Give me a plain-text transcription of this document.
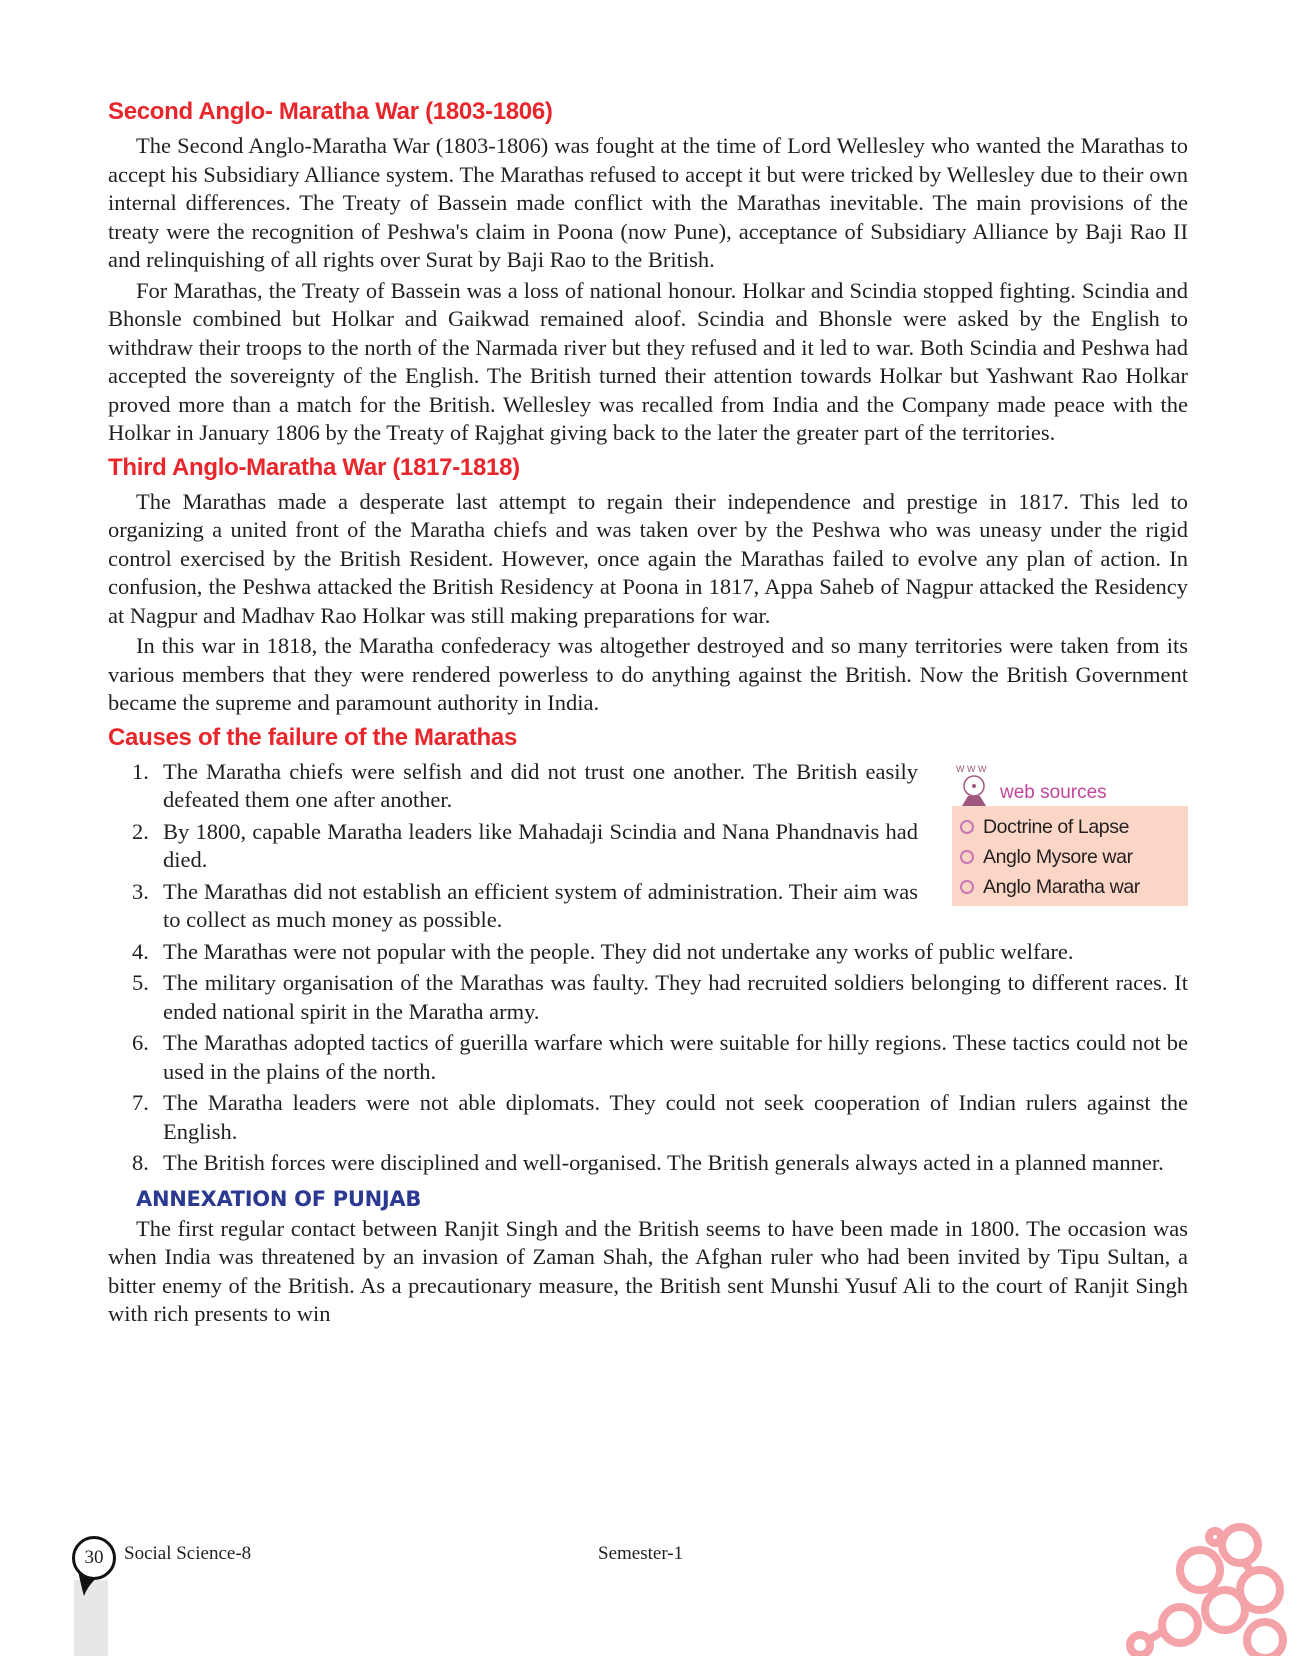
Second Anglo- Maratha War (1803-1806)

The Second Anglo-Maratha War (1803-1806) was fought at the time of Lord Wellesley who wanted the Marathas to accept his Subsidiary Alliance system. The Marathas refused to accept it but were tricked by Wellesley due to their own internal differences. The Treaty of Bassein made conflict with the Marathas inevitable. The main provisions of the treaty were the recognition of Peshwa's claim in Poona (now Pune), acceptance of Subsidiary Alliance by Baji Rao II and relinquishing of all rights over Surat by Baji Rao to the British.

For Marathas, the Treaty of Bassein was a loss of national honour. Holkar and Scindia stopped fighting. Scindia and Bhonsle combined but Holkar and Gaikwad remained aloof. Scindia and Bhonsle were asked by the English to withdraw their troops to the north of the Narmada river but they refused and it led to war. Both Scindia and Peshwa had accepted the sovereignty of the English. The British turned their attention towards Holkar but Yashwant Rao Holkar proved more than a match for the British. Wellesley was recalled from India and the Company made peace with the Holkar in January 1806 by the Treaty of Rajghat giving back to the later the greater part of the territories.

Third Anglo-Maratha War (1817-1818)

The Marathas made a desperate last attempt to regain their independence and prestige in 1817. This led to organizing a united front of the Maratha chiefs and was taken over by the Peshwa who was uneasy under the rigid control exercised by the British Resident. However, once again the Marathas failed to evolve any plan of action. In confusion, the Peshwa attacked the British Residency at Poona in 1817, Appa Saheb of Nagpur attacked the Residency at Nagpur and Madhav Rao Holkar was still making preparations for war.

In this war in 1818, the Maratha confederacy was altogether destroyed and so many territories were taken from its various members that they were rendered powerless to do anything against the British. Now the British Government became the supreme and paramount authority in India.

Causes of the failure of the Marathas
W W W
web sources
Doctrine of Lapse
Anglo Mysore war
Anglo Maratha war
1. The Maratha chiefs were selfish and did not trust one another. The British easily defeated them one after another.
2. By 1800, capable Maratha leaders like Mahadaji Scindia and Nana Phandnavis had died.
3. The Marathas did not establish an efficient system of administration. Their aim was to collect as much money as possible.
4. The Marathas were not popular with the people. They did not undertake any works of public welfare.
5. The military organisation of the Marathas was faulty. They had recruited soldiers belonging to different races. It ended national spirit in the Maratha army.
6. The Marathas adopted tactics of guerilla warfare which were suitable for hilly regions. These tactics could not be used in the plains of the north.
7. The Maratha leaders were not able diplomats. They could not seek cooperation of Indian rulers against the English.
8. The British forces were disciplined and well-organised. The British generals always acted in a planned manner.
ANNEXATION OF PUNJAB

The first regular contact between Ranjit Singh and the British seems to have been made in 1800. The occasion was when India was threatened by an invasion of Zaman Shah, the Afghan ruler who had been invited by Tipu Sultan, a bitter enemy of the British. As a precautionary measure, the British sent Munshi Yusuf Ali to the court of Ranjit Singh with rich presents to win

30	Social Science-8	Semester-1
